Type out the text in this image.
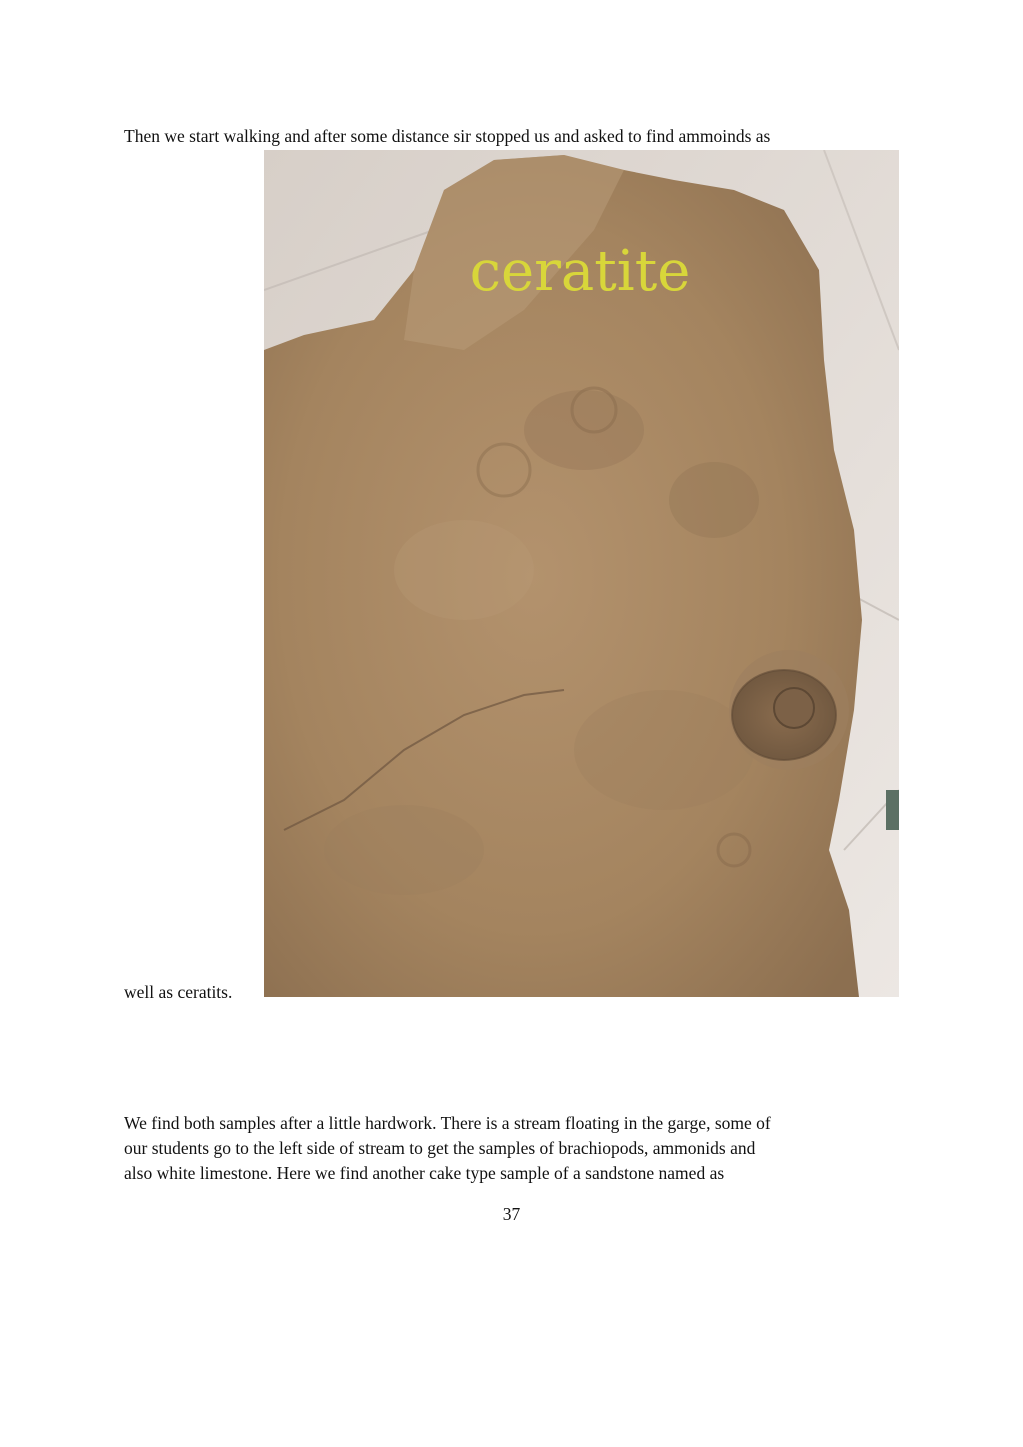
Then we start walking and after some distance sir stopped us and asked to find ammoinds as
ceratite
well as ceratits.
We find both samples after a little hardwork. There is a stream floating in the garge, some of
our students go to the left side of stream to get the samples of brachiopods, ammonids and
also white limestone. Here we find another cake type sample of a sandstone named as
37
